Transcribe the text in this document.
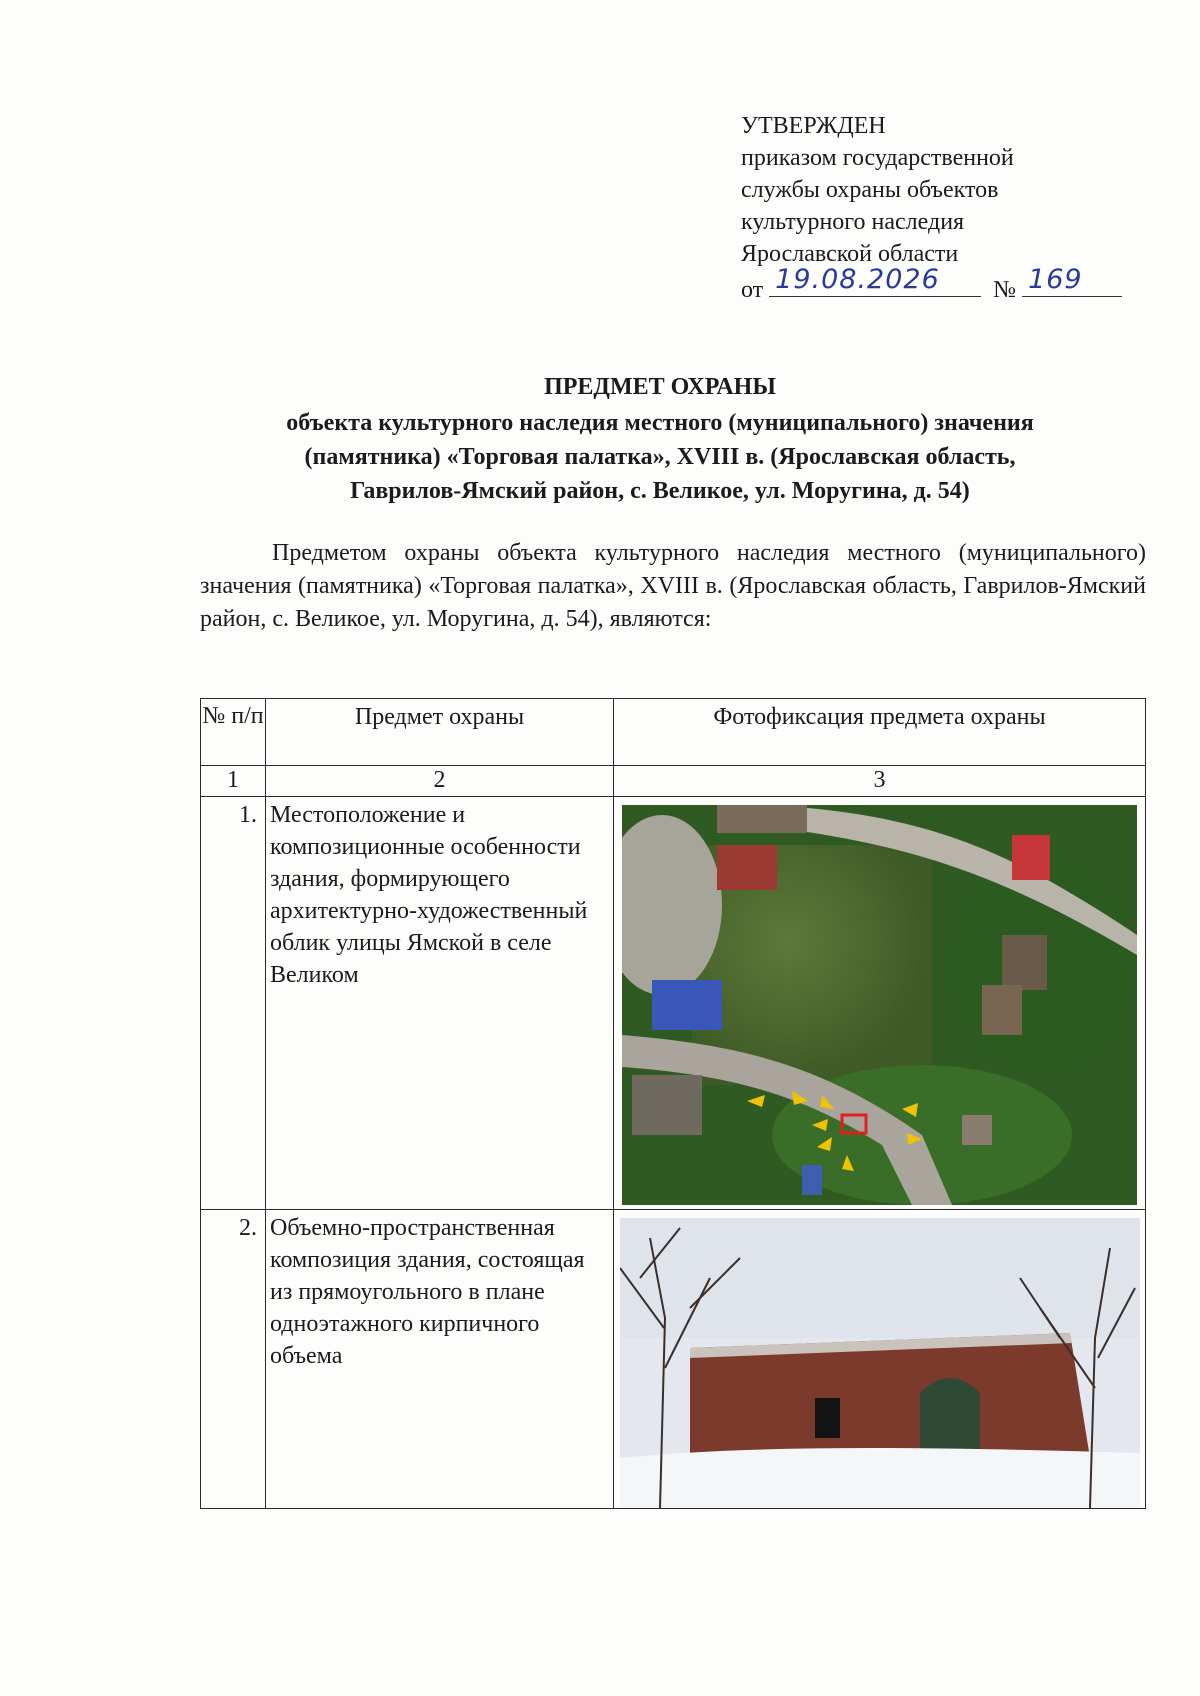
УТВЕРЖДЕН
приказом государственной
службы охраны объектов
культурного наследия
Ярославской области
от 19.08.2026 № 169
ПРЕДМЕТ ОХРАНЫ
объекта культурного наследия местного (муниципального) значения
(памятника) «Торговая палатка», XVIII в. (Ярославская область,
Гаврилов-Ямский район, с. Великое, ул. Моругина, д. 54)
Предметом охраны объекта культурного наследия местного (муниципального) значения (памятника) «Торговая палатка», XVIII в. (Ярославская область, Гаврилов-Ямский район, с. Великое, ул. Моругина, д. 54), являются:
№ п/п	Предмет охраны	Фотофиксация предмета охраны
1	2	3
1.	Местоположение и композиционные особенности здания, формирующего архитектурно-художественный облик улицы Ямской в селе Великом	

2.	Объемно-пространственная композиция здания, состоящая из прямоугольного в плане одноэтажного кирпичного объема	
